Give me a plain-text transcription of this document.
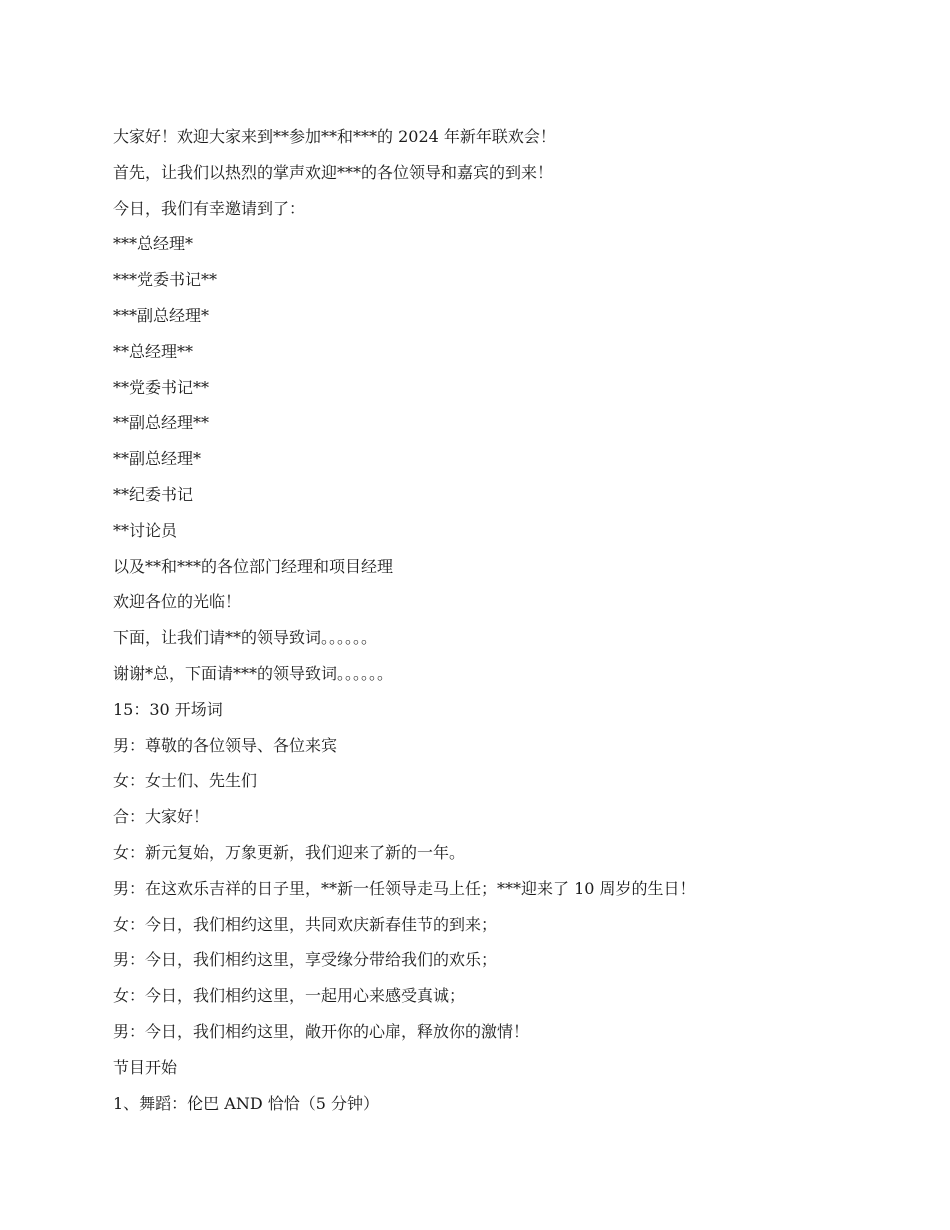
大家好！欢迎大家来到**参加**和***的 2024 年新年联欢会！
首先，让我们以热烈的掌声欢迎***的各位领导和嘉宾的到来！
今日，我们有幸邀请到了：
***总经理*
***党委书记**
***副总经理*
**总经理**
**党委书记**
**副总经理**
**副总经理*
**纪委书记
**讨论员
以及**和***的各位部门经理和项目经理
欢迎各位的光临！
下面，让我们请**的领导致词。。。。。。
谢谢*总，下面请***的领导致词。。。。。。
15：30 开场词
男：尊敬的各位领导、各位来宾
女：女士们、先生们
合：大家好！
女：新元复始，万象更新，我们迎来了新的一年。
男：在这欢乐吉祥的日子里，**新一任领导走马上任；***迎来了 10 周岁的生日！
女：今日，我们相约这里，共同欢庆新春佳节的到来；
男：今日，我们相约这里，享受缘分带给我们的欢乐；
女：今日，我们相约这里，一起用心来感受真诚；
男：今日，我们相约这里，敞开你的心扉，释放你的激情！
节目开始
1、舞蹈：伦巴 AND 恰恰（5 分钟）
